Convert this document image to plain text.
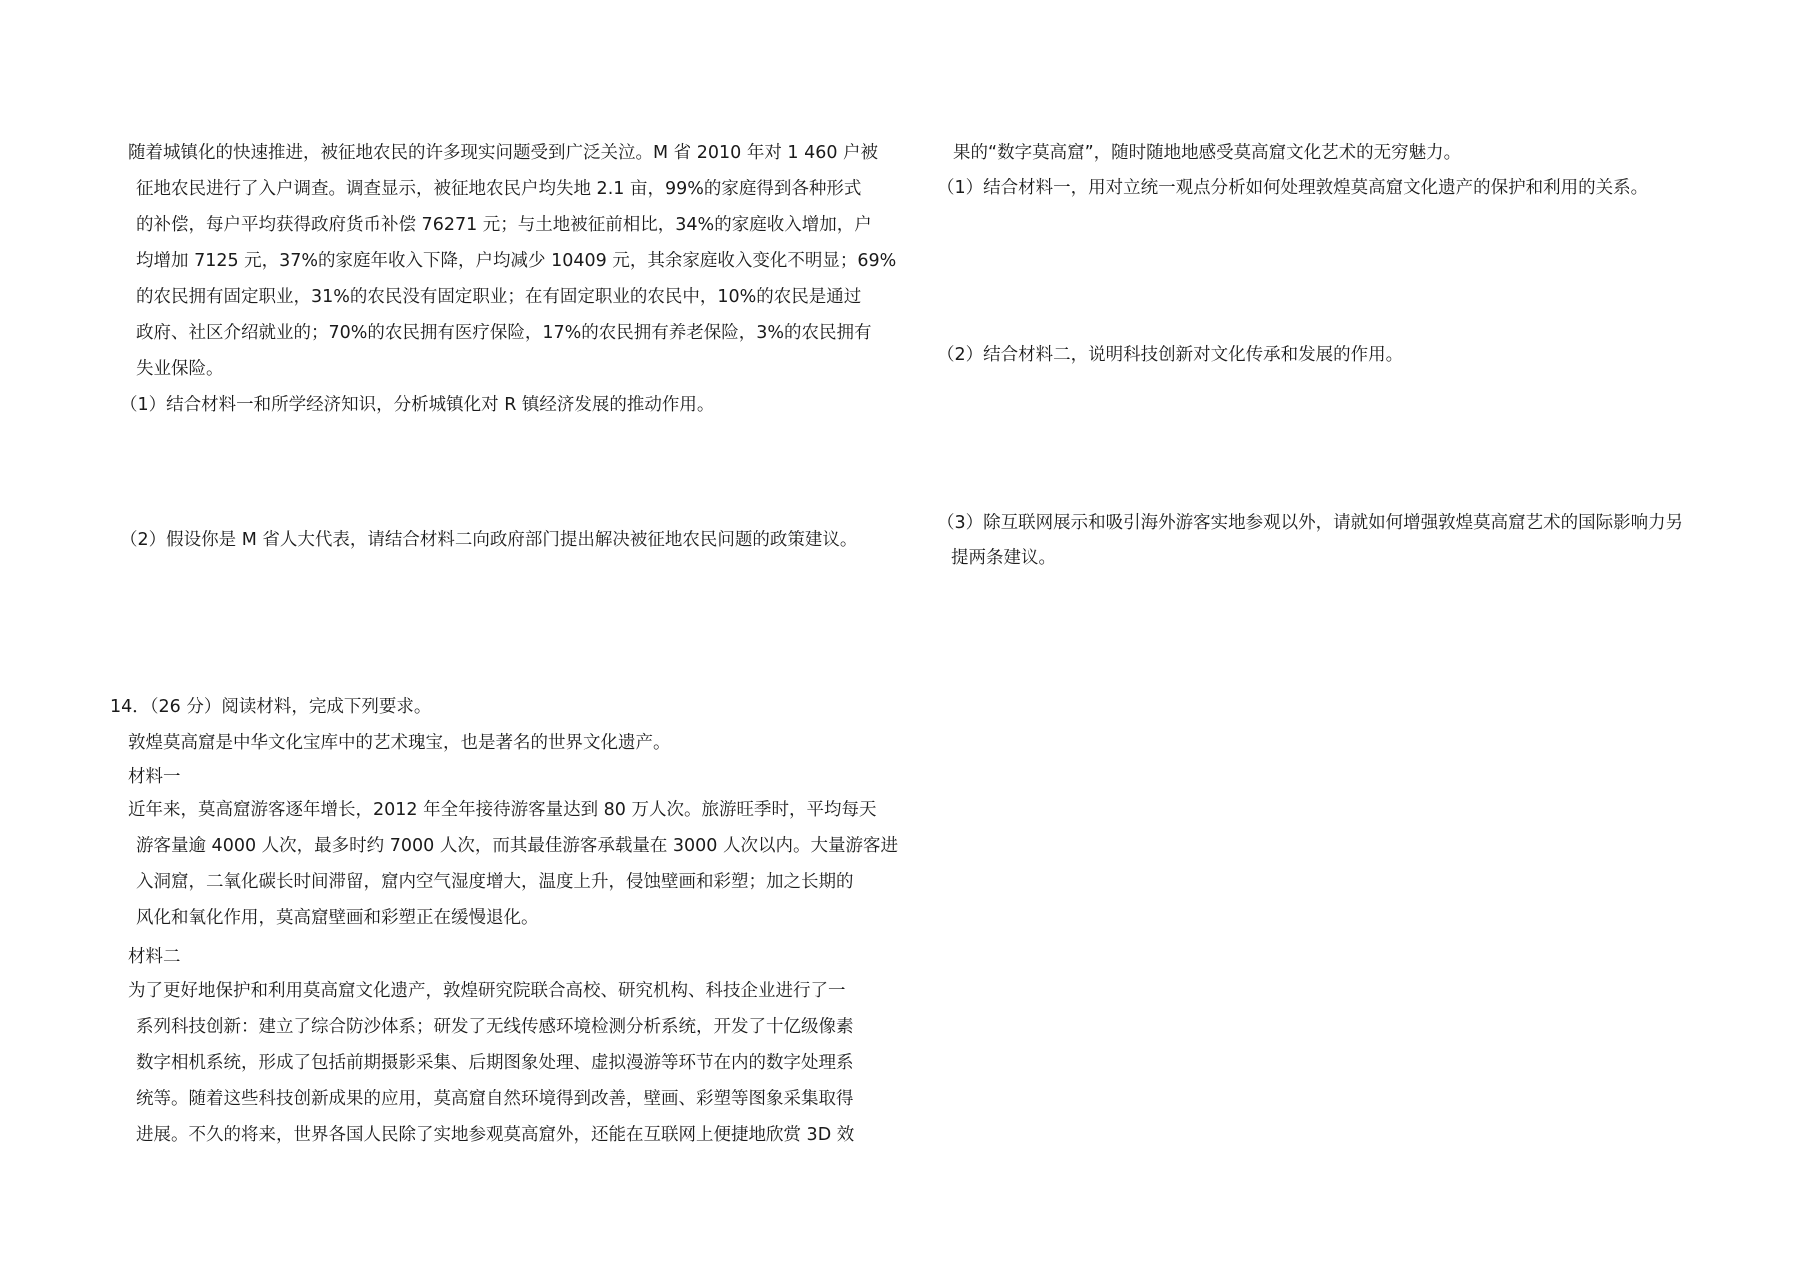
随着城镇化的快速推进，被征地农民的许多现实问题受到广泛关泣。M 省 2010 年对 1 460 户被

征地农民进行了入户调查。调查显示，被征地农民户均失地 2.1 亩，99%的家庭得到各种形式

的补偿，每户平均获得政府货币补偿 76271 元；与土地被征前相比，34%的家庭收入增加，户

均增加 7125 元，37%的家庭年收入下降，户均减少 10409 元，其余家庭收入变化不明显；69%

的农民拥有固定职业，31%的农民没有固定职业；在有固定职业的农民中，10%的农民是通过

政府、社区介绍就业的；70%的农民拥有医疗保险，17%的农民拥有养老保险，3%的农民拥有

失业保险。

（1）结合材料一和所学经济知识，分析城镇化对 R 镇经济发展的推动作用。
（2）假设你是 M 省人大代表，请结合材料二向政府部门提出解决被征地农民问题的政策建议。
14．（26 分）阅读材料，完成下列要求。
敦煌莫高窟是中华文化宝库中的艺术瑰宝，也是著名的世界文化遗产。
材料一

近年来，莫高窟游客逐年增长，2012 年全年接待游客量达到 80 万人次。旅游旺季时，平均每天

游客量逾 4000 人次，最多时约 7000 人次，而其最佳游客承载量在 3000 人次以内。大量游客进

入洞窟，二氧化碳长时间滞留，窟内空气湿度增大，温度上升，侵蚀壁画和彩塑；加之长期的

风化和氧化作用，莫高窟壁画和彩塑正在缓慢退化。

材料二

为了更好地保护和利用莫高窟文化遗产，敦煌研究院联合高校、研究机构、科技企业进行了一

系列科技创新：建立了综合防沙体系；研发了无线传感环境检测分析系统，开发了十亿级像素

数字相机系统，形成了包括前期摄影采集、后期图象处理、虚拟漫游等环节在内的数字处理系

统等。随着这些科技创新成果的应用，莫高窟自然环境得到改善，壁画、彩塑等图象采集取得

进展。不久的将来，世界各国人民除了实地参观莫高窟外，还能在互联网上便捷地欣赏 3D 效

果的“数字莫高窟”，随时随地地感受莫高窟文化艺术的无穷魅力。
（1）结合材料一，用对立统一观点分析如何处理敦煌莫高窟文化遗产的保护和利用的关系。
（2）结合材料二，说明科技创新对文化传承和发展的作用。
（3）除互联网展示和吸引海外游客实地参观以外，请就如何增强敦煌莫高窟艺术的国际影响力另
提两条建议。
